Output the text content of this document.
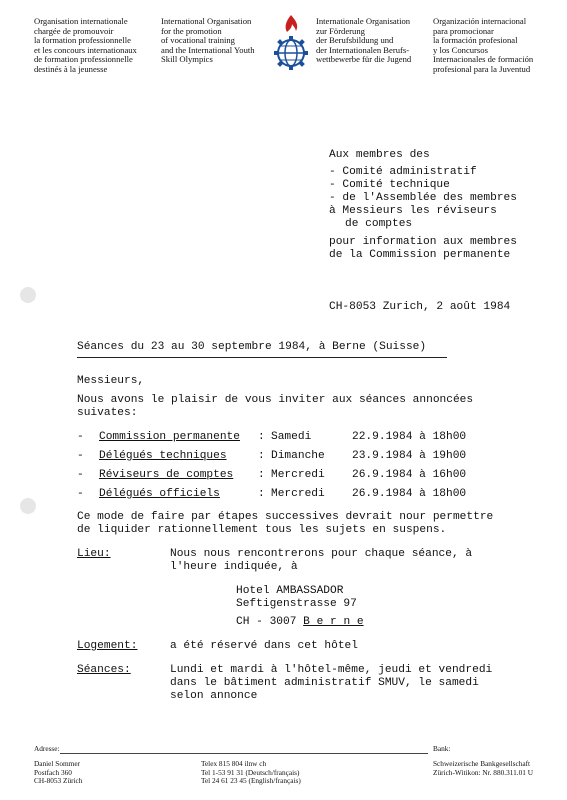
Organisation internationale
chargée de promouvoir
la formation professionnelle
et les concours internationaux
de formation professionnelle
destinés à la jeunesse
International Organisation
for the promotion
of vocational training
and the International Youth
Skill Olympics
Internationale Organisation
zur Förderung
der Berufsbildung und
der Internationalen Berufs-
wettbewerbe für die Jugend
Organización internacional
para promocionar
la formación profesional
y los Concursos
Internacionales de formación
profesional para la Juventud
Aux membres des
- Comité administratif
- Comité technique
- de l'Assemblée des membres
à Messieurs les réviseurs
de comptes
pour information aux membres
de la Commission permanente
CH-8053 Zurich, 2 août 1984
Séances du 23 au 30 septembre 1984, à Berne (Suisse)
Messieurs,
Nous avons le plaisir de vous inviter aux séances annoncées
suivates:
- Commission permanente : Samedi	22.9.1984 à 18h00
- Délégués techniques	: Dimanche 23.9.1984 à 19h00
- Réviseurs de comptes : Mercredi 26.9.1984 à 16h00
- Délégués officiels	: Mercredi 26.9.1984 à 18h00
Ce mode de faire par étapes successives devrait nour permettre
de liquider rationnellement tous les sujets en suspens.
Lieu:	Nous nous rencontrerons pour chaque séance, à
l'heure indiquée, à
Hotel AMBASSADOR
Seftigenstrasse 97
CH - 3007 B e r n e
Logement:	a été réservé dans cet hôtel
Séances:	Lundi et mardi à l'hôtel-même, jeudi et vendredi
dans le bâtiment administratif SMUV, le samedi
selon annonce
Adresse:	Bank:
Daniel Sommer
Postfach 360
CH-8053 Zürich
Telex 815 804 ilnw ch
Tel 1-53 91 31 (Deutsch/français)
Tel 24 61 23 45 (English/français)
Schweizerische Bankgesellschaft
Zürich-Witikon: Nr. 880.311.01 U
